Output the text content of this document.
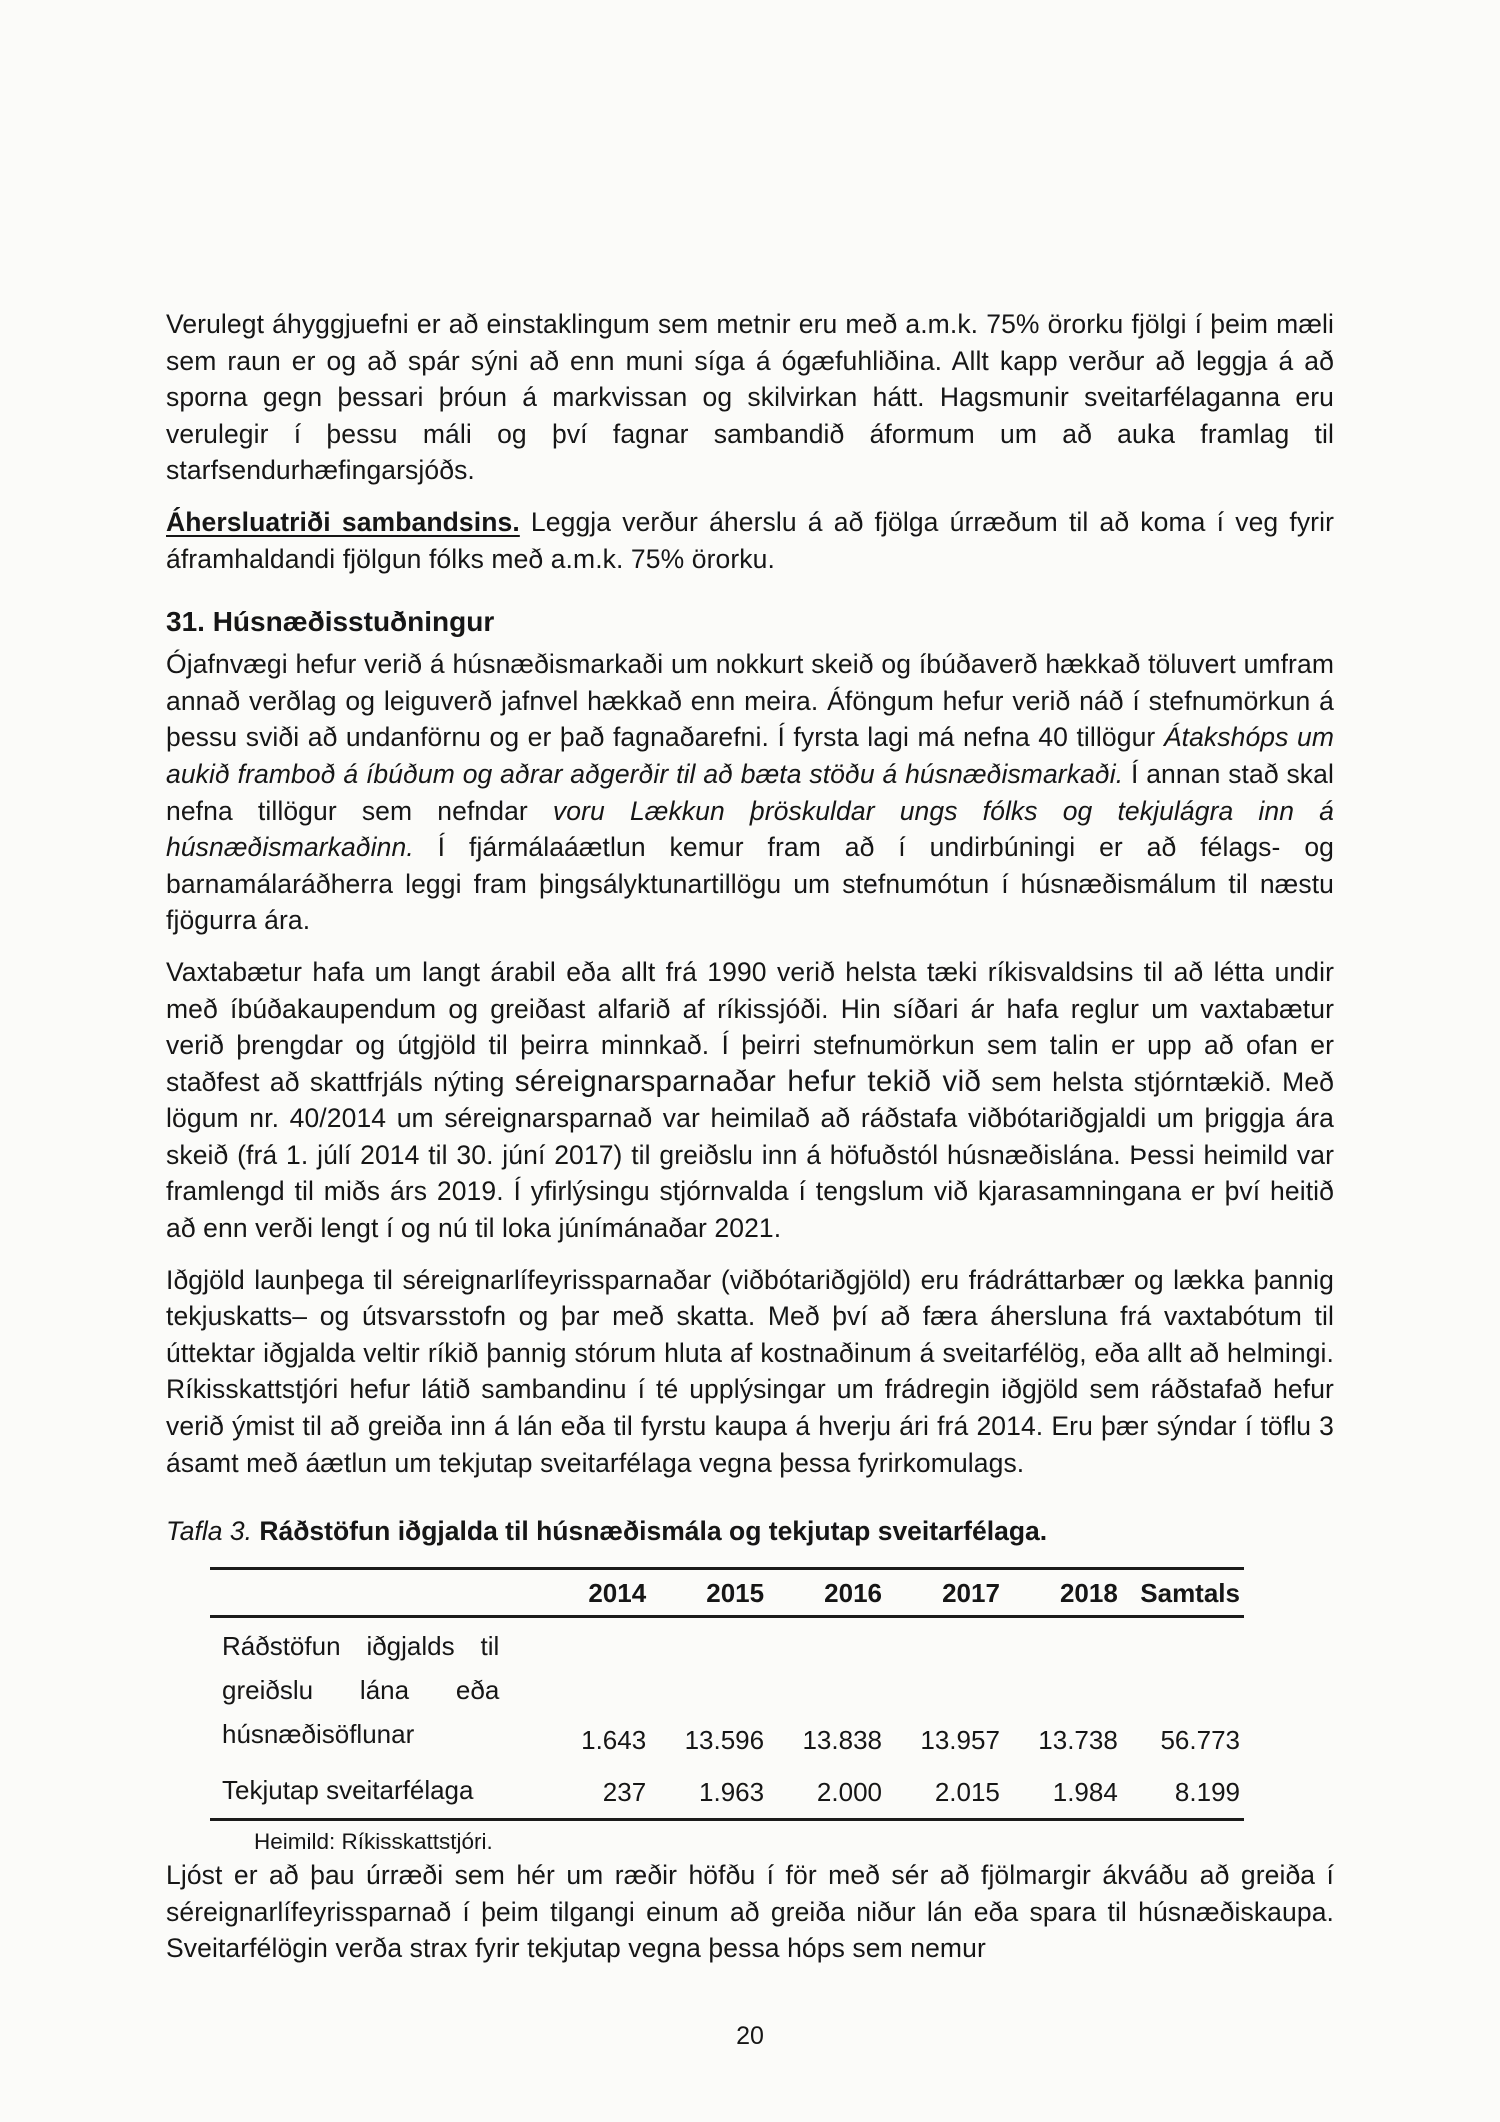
Verulegt áhyggjuefni er að einstaklingum sem metnir eru með a.m.k. 75% örorku fjölgi í þeim mæli sem raun er og að spár sýni að enn muni síga á ógæfuhliðina. Allt kapp verður að leggja á að sporna gegn þessari þróun á markvissan og skilvirkan hátt. Hagsmunir sveitarfélaganna eru verulegir í þessu máli og því fagnar sambandið áformum um að auka framlag til starfsendurhæfingarsjóðs.

Áhersluatriði sambandsins. Leggja verður áherslu á að fjölga úrræðum til að koma í veg fyrir áframhaldandi fjölgun fólks með a.m.k. 75% örorku.

31. Húsnæðisstuðningur

Ójafnvægi hefur verið á húsnæðismarkaði um nokkurt skeið og íbúðaverð hækkað töluvert umfram annað verðlag og leiguverð jafnvel hækkað enn meira. Áföngum hefur verið náð í stefnumörkun á þessu sviði að undanförnu og er það fagnaðarefni. Í fyrsta lagi má nefna 40 tillögur Átakshóps um aukið framboð á íbúðum og aðrar aðgerðir til að bæta stöðu á húsnæðismarkaði. Í annan stað skal nefna tillögur sem nefndar voru Lækkun þröskuldar ungs fólks og tekjulágra inn á húsnæðismarkaðinn. Í fjármálaáætlun kemur fram að í undirbúningi er að félags- og barnamálaráðherra leggi fram þingsályktunartillögu um stefnumótun í húsnæðismálum til næstu fjögurra ára.

Vaxtabætur hafa um langt árabil eða allt frá 1990 verið helsta tæki ríkisvaldsins til að létta undir með íbúðakaupendum og greiðast alfarið af ríkissjóði. Hin síðari ár hafa reglur um vaxtabætur verið þrengdar og útgjöld til þeirra minnkað. Í þeirri stefnumörkun sem talin er upp að ofan er staðfest að skattfrjáls nýting séreignarsparnaðar hefur tekið við sem helsta stjórntækið. Með lögum nr. 40/2014 um séreignarsparnað var heimilað að ráðstafa viðbótariðgjaldi um þriggja ára skeið (frá 1. júlí 2014 til 30. júní 2017) til greiðslu inn á höfuðstól húsnæðislána. Þessi heimild var framlengd til miðs árs 2019. Í yfirlýsingu stjórnvalda í tengslum við kjarasamningana er því heitið að enn verði lengt í og nú til loka júnímánaðar 2021.

Iðgjöld launþega til séreignarlífeyrissparnaðar (viðbótariðgjöld) eru frádráttarbær og lækka þannig tekjuskatts– og útsvarsstofn og þar með skatta. Með því að færa áhersluna frá vaxtabótum til úttektar iðgjalda veltir ríkið þannig stórum hluta af kostnaðinum á sveitarfélög, eða allt að helmingi. Ríkisskattstjóri hefur látið sambandinu í té upplýsingar um frádregin iðgjöld sem ráðstafað hefur verið ýmist til að greiða inn á lán eða til fyrstu kaupa á hverju ári frá 2014. Eru þær sýndar í töflu 3 ásamt með áætlun um tekjutap sveitarfélaga vegna þessa fyrirkomulags.

Tafla 3. Ráðstöfun iðgjalda til húsnæðismála og tekjutap sveitarfélaga.

	2014	2015	2016	2017	2018	Samtals
Ráðstöfun iðgjalds til greiðslu lána eða húsnæðisöflunar	1.643	13.596	13.838	13.957	13.738	56.773
Tekjutap sveitarfélaga	237	1.963	2.000	2.015	1.984	8.199

Heimild: Ríkisskattstjóri.

Ljóst er að þau úrræði sem hér um ræðir höfðu í för með sér að fjölmargir ákváðu að greiða í séreignarlífeyrissparnað í þeim tilgangi einum að greiða niður lán eða spara til húsnæðiskaupa. Sveitarfélögin verða strax fyrir tekjutap vegna þessa hóps sem nemur

20
